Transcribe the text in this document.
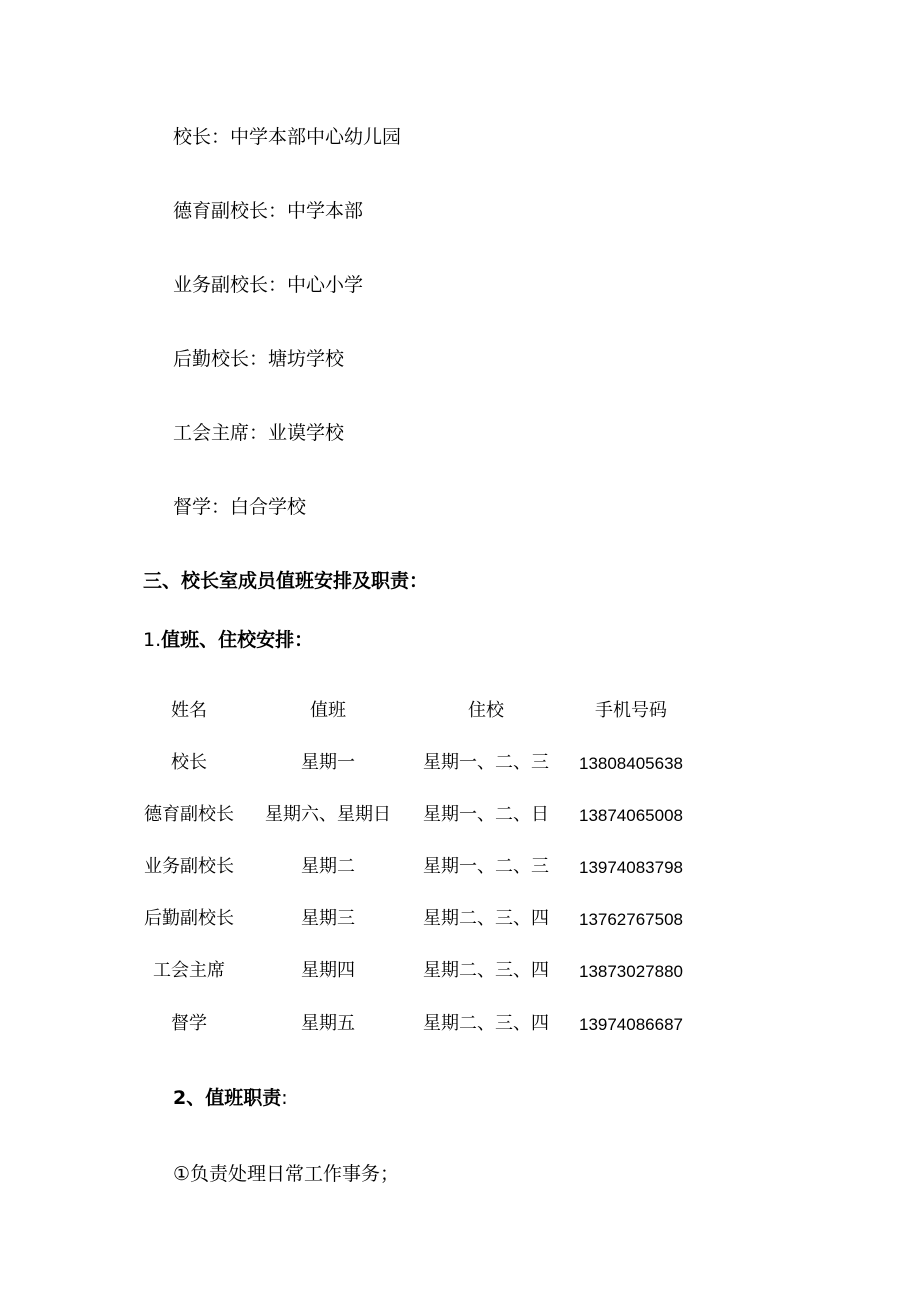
校长：中学本部中心幼儿园
德育副校长：中学本部
业务副校长：中心小学
后勤校长：塘坊学校
工会主席：业谟学校
督学：白合学校
三、校长室成员值班安排及职责：
1.值班、住校安排：
姓名	值班	住校	手机号码
校长	星期一	星期一、二、三 13808405638
德育副校长 星期六、星期日 星期一、二、日 13874065008
业务副校长	星期二	星期一、二、三 13974083798
后勤副校长	星期三	星期二、三、四 13762767508
工会主席	星期四	星期二、三、四 13873027880
督学	星期五	星期二、三、四 13974086687
2、值班职责:
①负责处理日常工作事务；
